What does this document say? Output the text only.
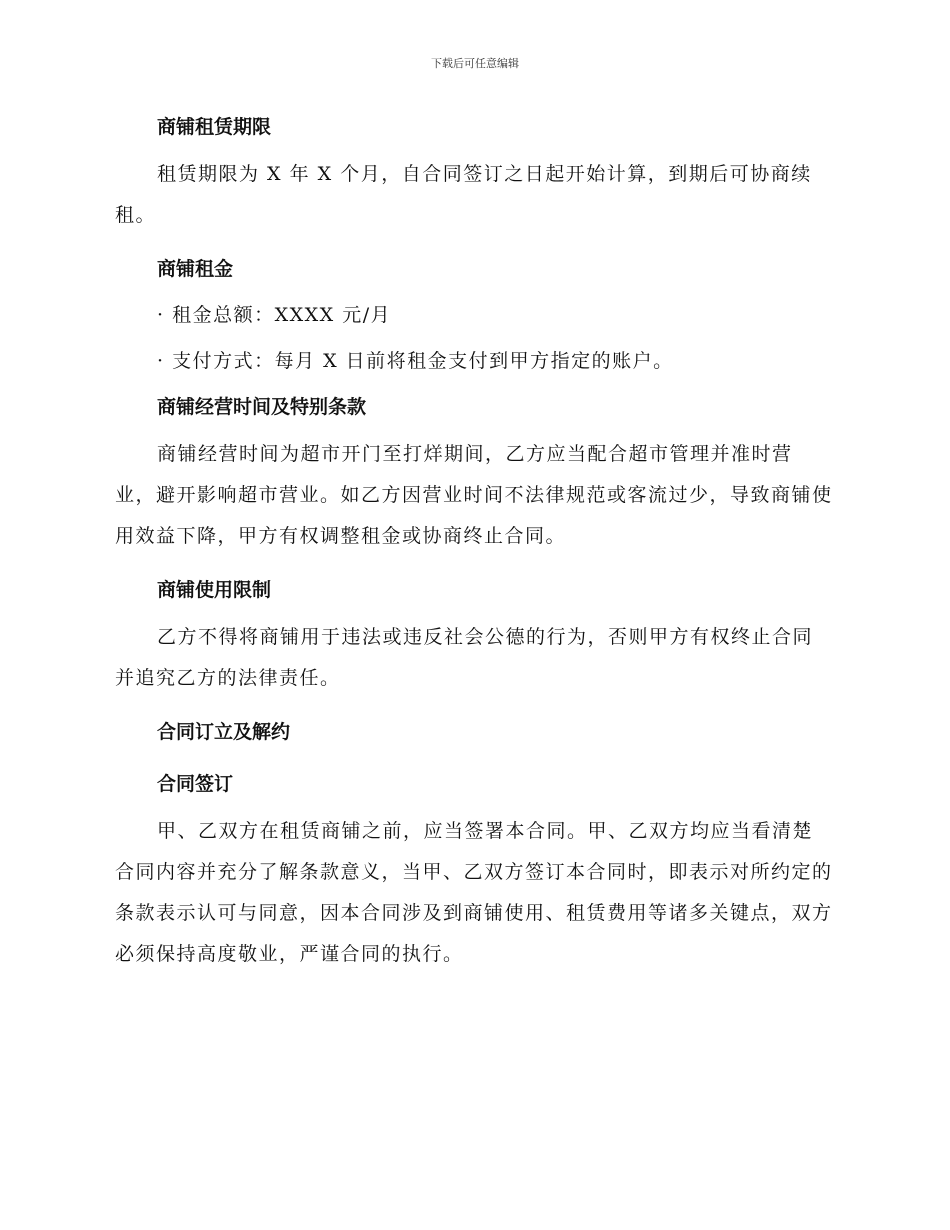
下载后可任意编辑
商铺租赁期限

租赁期限为 X 年 X 个月，自合同签订之日起开始计算，到期后可协商续租。

商铺租金
· 租金总额：XXXX 元/月
· 支付方式：每月 X 日前将租金支付到甲方指定的账户。
商铺经营时间及特别条款

商铺经营时间为超市开门至打烊期间，乙方应当配合超市管理并准时营业，避开影响超市营业。如乙方因营业时间不法律规范或客流过少，导致商铺使用效益下降，甲方有权调整租金或协商终止合同。

商铺使用限制

乙方不得将商铺用于违法或违反社会公德的行为，否则甲方有权终止合同并追究乙方的法律责任。

合同订立及解约
合同签订

甲、乙双方在租赁商铺之前，应当签署本合同。甲、乙双方均应当看清楚合同内容并充分了解条款意义，当甲、乙双方签订本合同时，即表示对所约定的条款表示认可与同意，因本合同涉及到商铺使用、租赁费用等诸多关键点，双方必须保持高度敬业，严谨合同的执行。
